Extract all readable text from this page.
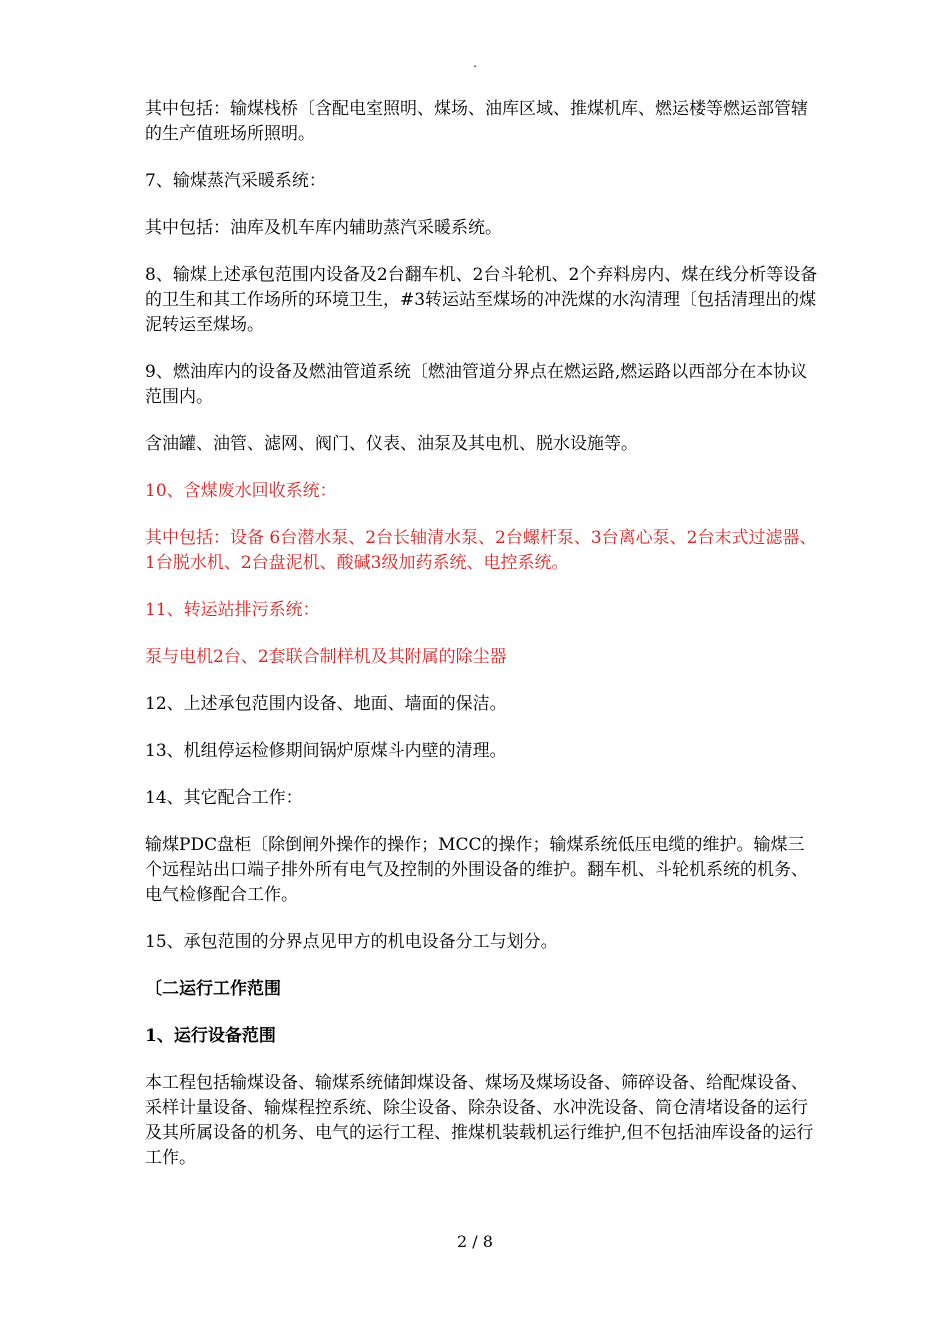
.

其中包括：输煤栈桥〔含配电室照明、煤场、油库区域、推煤机库、燃运楼等燃运部管辖的生产值班场所照明。

7、输煤蒸汽采暖系统：

其中包括：油库及机车库内辅助蒸汽采暖系统。

8、输煤上述承包范围内设备及2台翻车机、2台斗轮机、2个弃料房内、煤在线分析等设备的卫生和其工作场所的环境卫生，#3转运站至煤场的冲洗煤的水沟清理〔包括清理出的煤泥转运至煤场。

9、燃油库内的设备及燃油管道系统〔燃油管道分界点在燃运路,燃运路以西部分在本协议范围内。

含油罐、油管、滤网、阀门、仪表、油泵及其电机、脱水设施等。

10、含煤废水回收系统：

其中包括：设备 6台潜水泵、2台长轴清水泵、2台螺杆泵、3台离心泵、2台末式过滤器、1台脱水机、2台盘泥机、酸碱3级加药系统、电控系统。

11、转运站排污系统：

泵与电机2台、2套联合制样机及其附属的除尘器

12、上述承包范围内设备、地面、墙面的保洁。

13、机组停运检修期间锅炉原煤斗内壁的清理。

14、其它配合工作：

输煤PDC盘柜〔除倒闸外操作的操作；MCC的操作；输煤系统低压电缆的维护。输煤三个远程站出口端子排外所有电气及控制的外围设备的维护。翻车机、斗轮机系统的机务、电气检修配合工作。

15、承包范围的分界点见甲方的机电设备分工与划分。

〔二运行工作范围

1、运行设备范围

本工程包括输煤设备、输煤系统储卸煤设备、煤场及煤场设备、筛碎设备、给配煤设备、采样计量设备、输煤程控系统、除尘设备、除杂设备、水冲洗设备、筒仓清堵设备的运行及其所属设备的机务、电气的运行工程、推煤机装载机运行维护,但不包括油库设备的运行工作。

2 / 8
